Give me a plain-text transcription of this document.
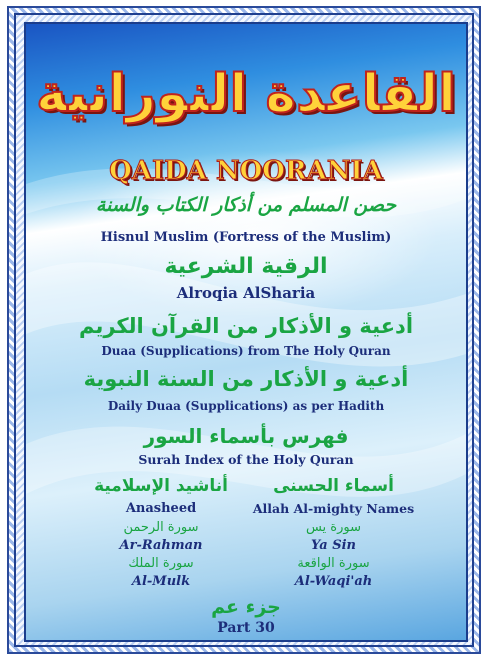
القاعدة النورانية
QAIDA NOORANIA
حصن المسلم من أذكار الكتاب والسنة
Hisnul Muslim (Fortress of the Muslim)
الرقية الشرعية
Alroqia AlSharia
أدعية و الأذكار من القرآن الكريم
Duaa (Supplications) from The Holy Quran
أدعية و الأذكار من السنة النبوية
Daily Duaa (Supplications) as per Hadith
فهرس بأسماء السور
Surah Index of the Holy Quran
أناشيد الإسلامية
Anasheed
سورة الرحمن
Ar-Rahman
سورة الملك
Al-Mulk
أسماء الحسنى
Allah Al-mighty Names
سورة يس
Ya Sin
سورة الواقعة
Al-Waqi'ah
جزء عم
Part 30
